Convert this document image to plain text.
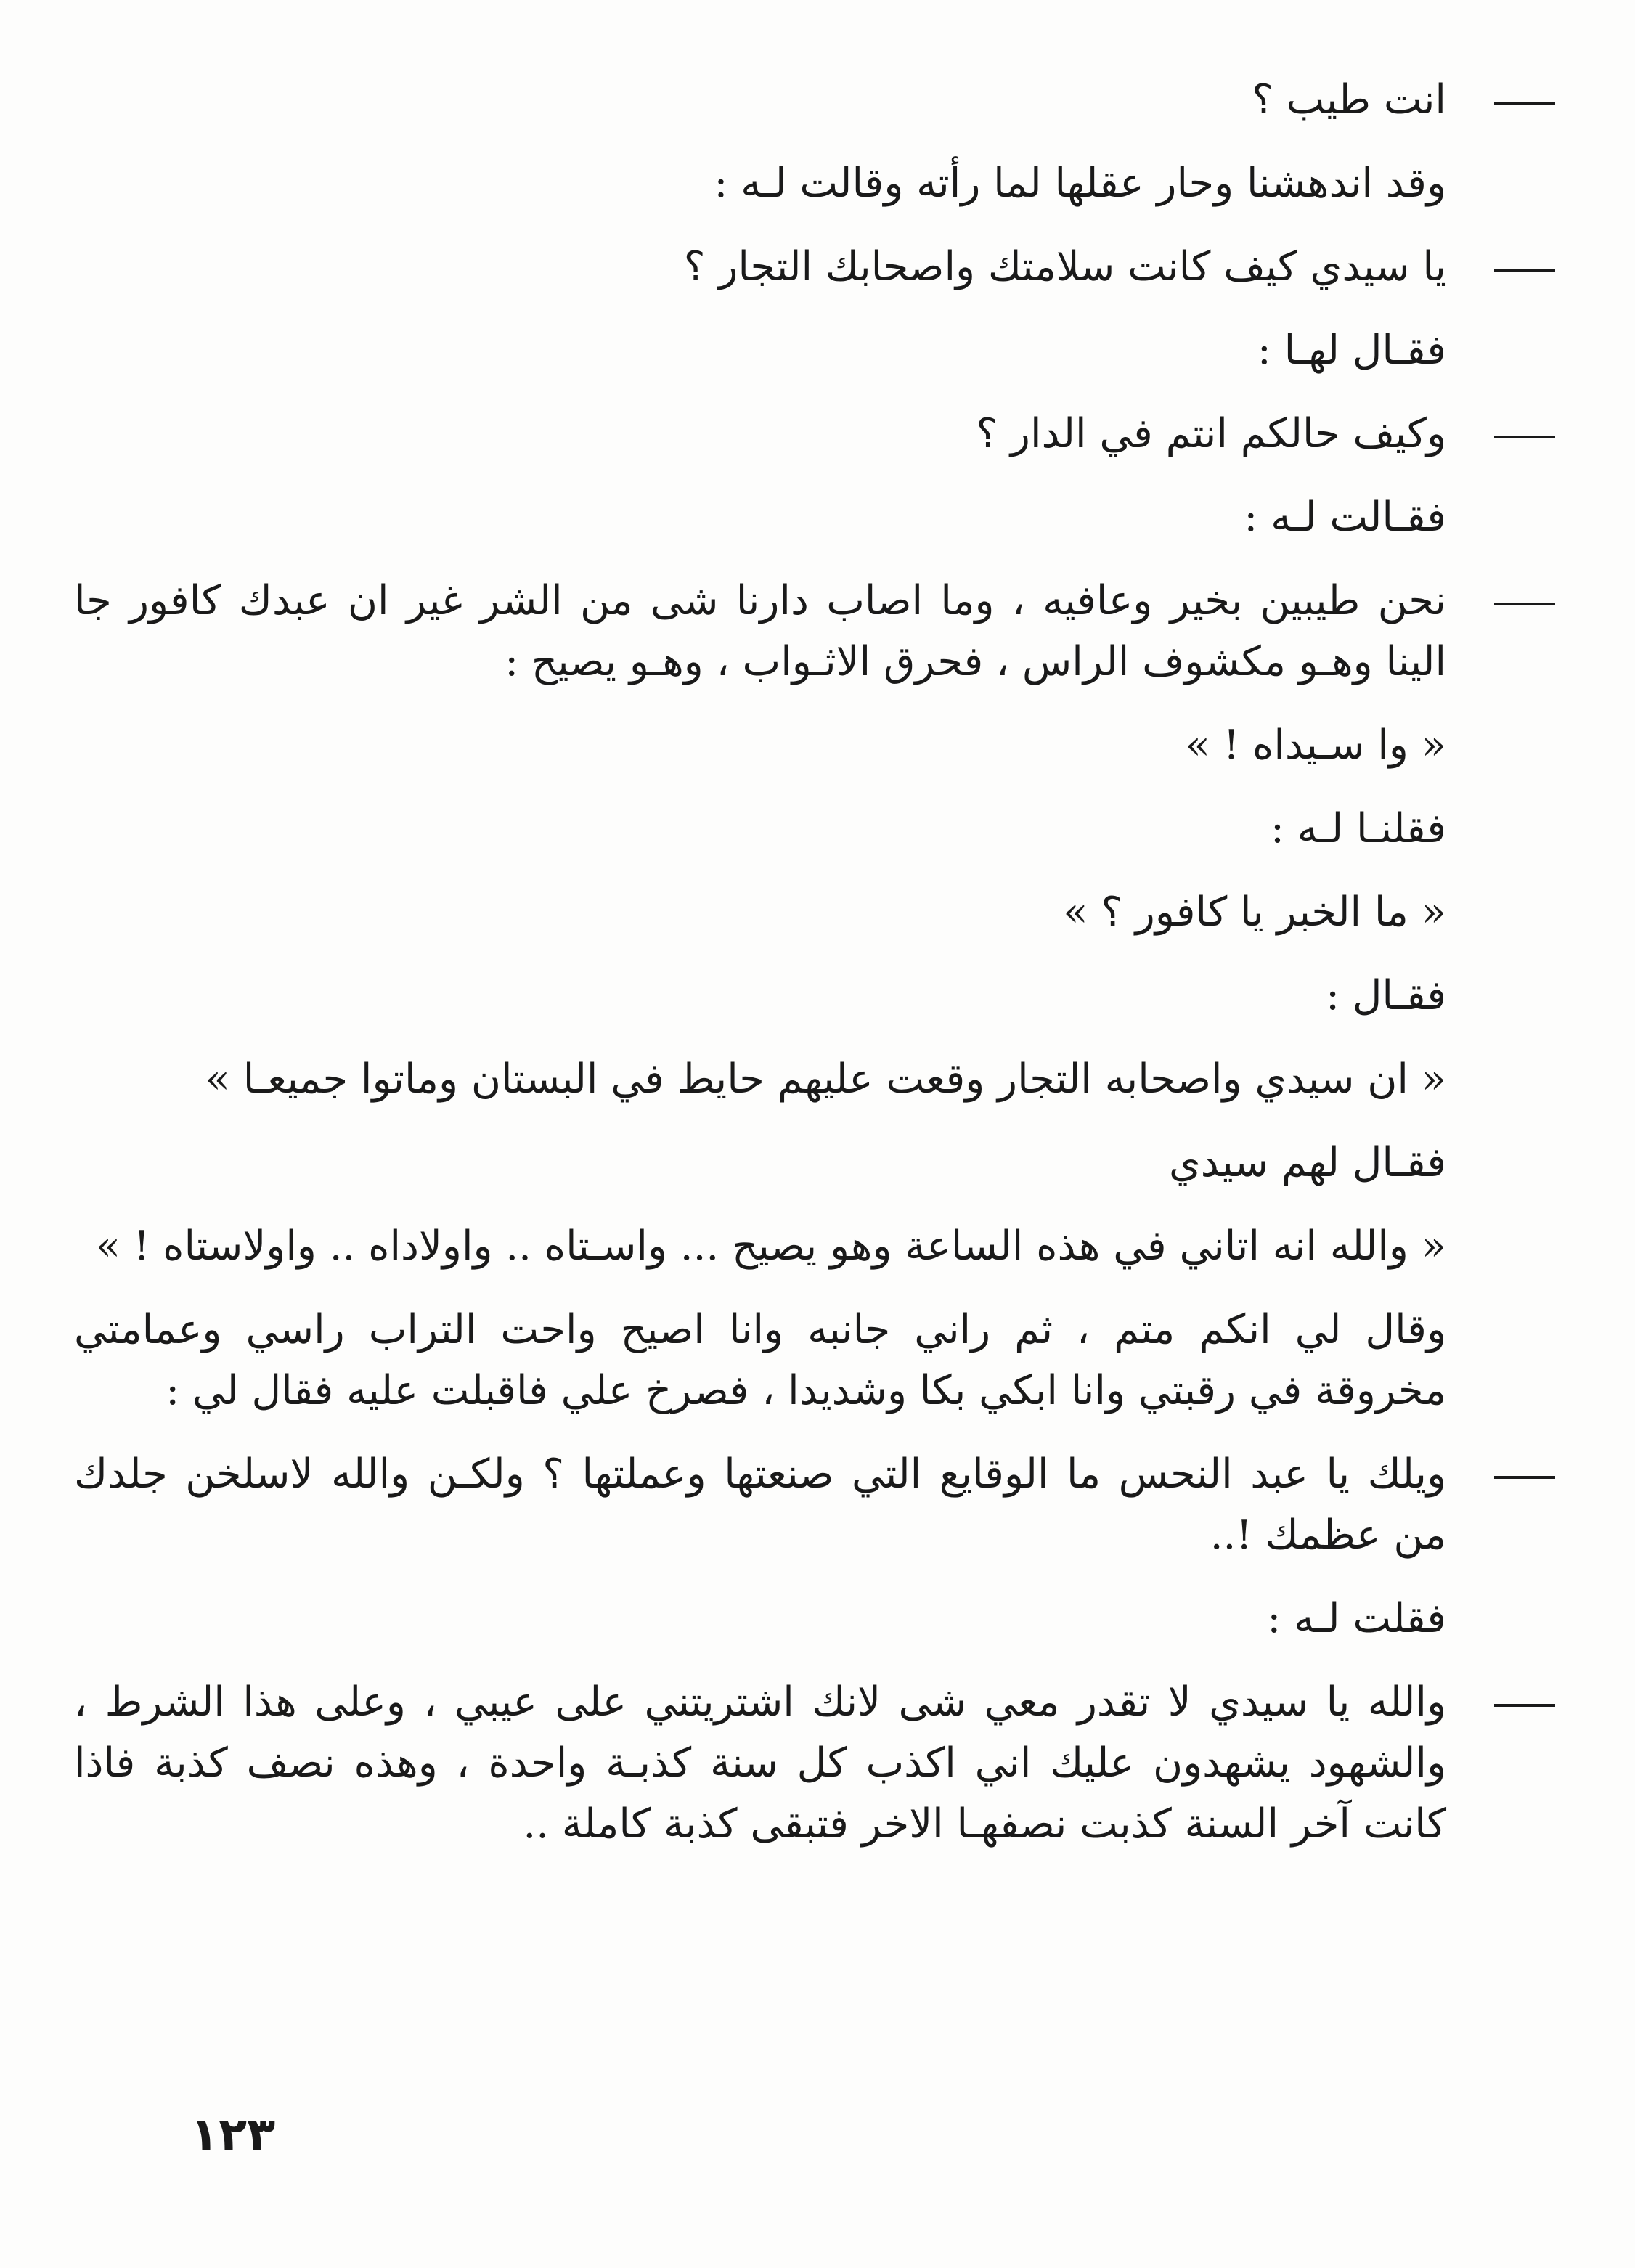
انت طيب ؟
وقد اندهشنا وحار عقلها لما رأته وقالت لـه :
يا سيدي كيف كانت سلامتك واصحابك التجار ؟
فقـال لهـا :
وكيف حالكم انتم في الدار ؟
فقـالت لـه :
نحن طيبين بخير وعافيه ، وما اصاب دارنا شى من الشر غير ان عبدك كافور جا الينا وهـو مكشوف الراس ، فحرق الاثـواب ، وهـو يصيح :
« وا سـيداه ! »
فقلنـا لـه :
« ما الخبر يا كافور ؟ »
فقـال :
« ان سيدي واصحابه التجار وقعت عليهم حايط في البستان وماتوا جميعـا »
فقـال لهم سيدي
« والله انه اتاني في هذه الساعة وهو يصيح ... واسـتاه .. واولاداه .. واولاستاه ! »
وقال لي انكم متم ، ثم راني جانبه وانا اصيح واحت التراب راسي وعمامتي مخروقة في رقبتي وانا ابكي بكا وشديدا ، فصرخ علي فاقبلت عليه فقال لي :
ويلك يا عبد النحس ما الوقايع التي صنعتها وعملتها ؟ ولكـن والله لاسلخن جلدك من عظمك !..
فقلت لـه :
والله يا سيدي لا تقدر معي شى لانك اشتريتني على عيبي ، وعلى هذا الشرط ، والشهود يشهدون عليك اني اكذب كل سنة كذبـة واحدة ، وهذه نصف كذبة فاذا كانت آخر السنة كذبت نصفهـا الاخر فتبقى كذبة كاملة ..
١٢٣
